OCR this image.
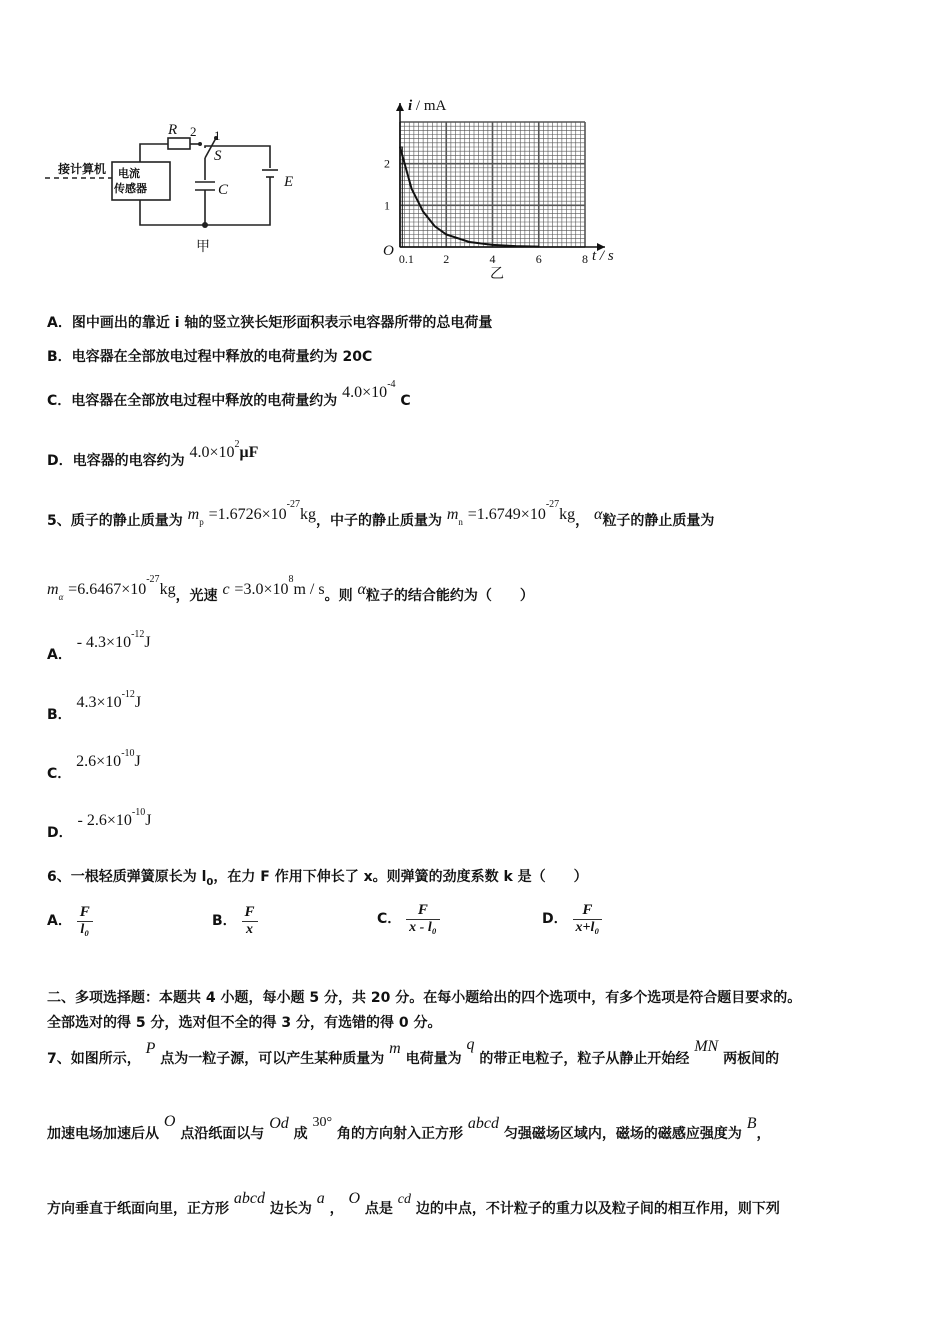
接计算机 电流
传感器
R 2 1
S
C	E
甲
0.1 2	4	6	8
2
1
i / mA
t / s
O
乙
A．图中画出的靠近 i 轴的竖立狭长矩形面积表示电容器所带的总电荷量
B．电容器在全部放电过程中释放的电荷量约为 20C
C．电容器在全部放电过程中释放的电荷量约为 $4.0\times 10^{-4}$ C
D．电容器的电容约为 $4.0\times 10^2\mu F$
5、质子的静止质量为 $m_p =1.6726\times 10^{-27}kg$，中子的静止质量为 $m_n =1.6749\times 10^{-27}kg$， α粒子的静止质量为
$m_\alpha =6.6467\times 10^{-27}kg$，光速 $c =3.0\times 10^8m / s$。则 α粒子的结合能约为（　　）
A． - $4.3\times 10^{-12}J$
B． $4.3\times 10^{-12}J$
C． $2.6\times 10^{-10}J$
D． - $2.6\times 10^{-10}J$
6、一根轻质弹簧原长为 $l_0$，在力 F 作用下伸长了 x。则弹簧的劲度系数 k 是（　　）
A． $\frac{F}{\text{l₀}}$	B． $\frac{F}{x}$	C． $\frac{F}{\text{x - l₀}}$	D． $\frac{F}{\text{x+l₀}}$
二、多项选择题：本题共 4 小题，每小题 5 分，共 20 分。在每小题给出的四个选项中，有多个选项是符合题目要求的。
全部选对的得 5 分，选对但不全的得 3 分，有选错的得 0 分。
7、如图所示， P 点为一粒子源，可以产生某种质量为 m 电荷量为 q 的带正电粒子，粒子从静止开始经 MN 两板间的
加速电场加速后从 O 点沿纸面以与 Od 成 30° 角的方向射入正方形 abcd 匀强磁场区域内，磁场的磁感应强度为 B，
方向垂直于纸面向里，正方形 abcd 边长为 a ， O 点是 cd 边的中点，不计粒子的重力以及粒子间的相互作用，则下列
